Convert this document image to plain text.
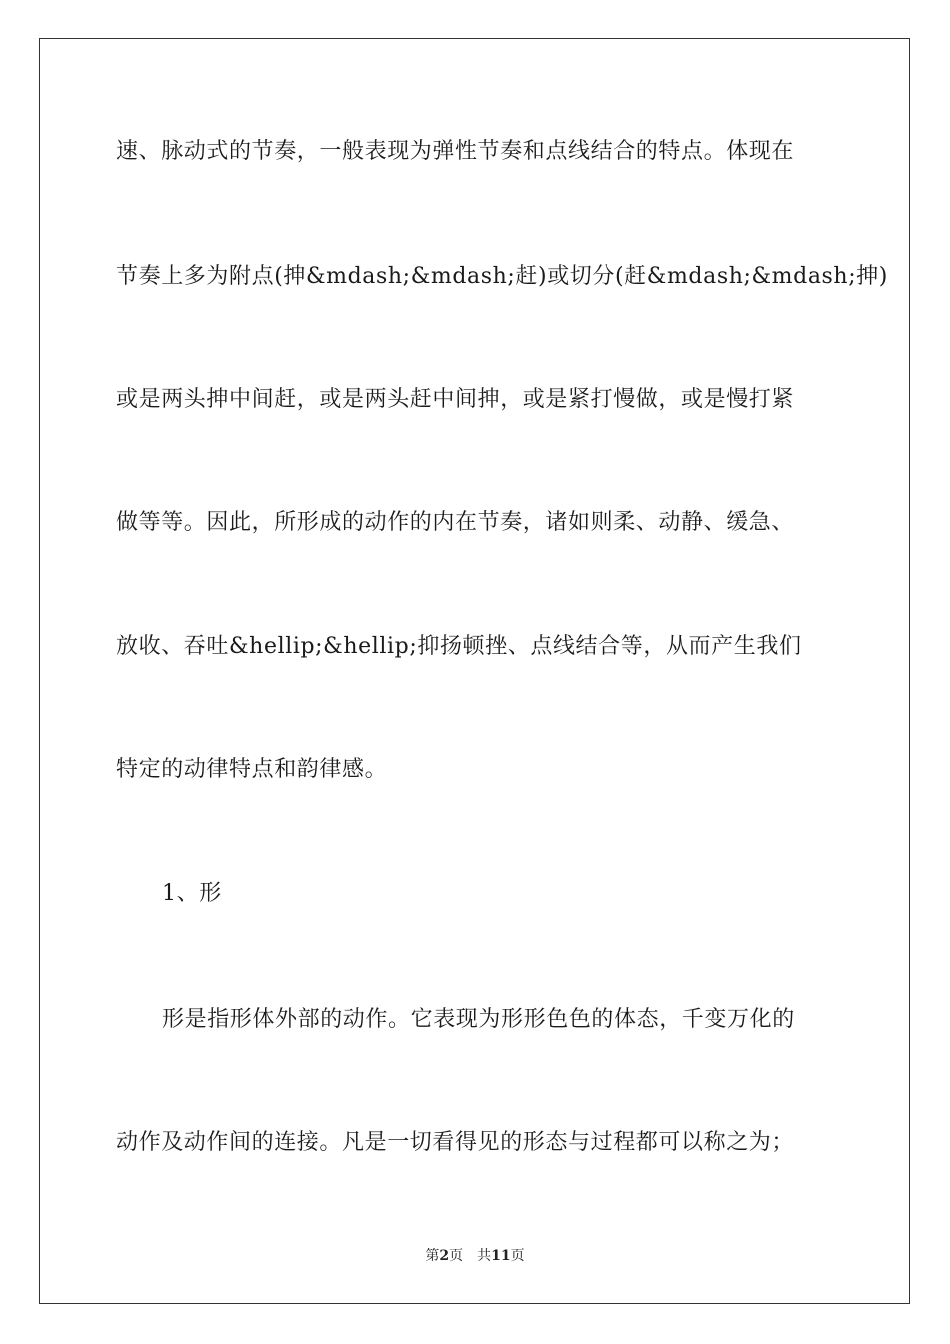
速、脉动式的节奏，一般表现为弹性节奏和点线结合的特点。体现在
节奏上多为附点(抻&mdash;&mdash;赶)或切分(赶&mdash;&mdash;抻)
或是两头抻中间赶，或是两头赶中间抻，或是紧打慢做，或是慢打紧
做等等。因此，所形成的动作的内在节奏，诸如则柔、动静、缓急、
放收、吞吐&hellip;&hellip;抑扬顿挫、点线结合等，从而产生我们
特定的动律特点和韵律感。
1、形
形是指形体外部的动作。它表现为形形色色的体态，千变万化的
动作及动作间的连接。凡是一切看得见的形态与过程都可以称之为；
第2页 共11页
